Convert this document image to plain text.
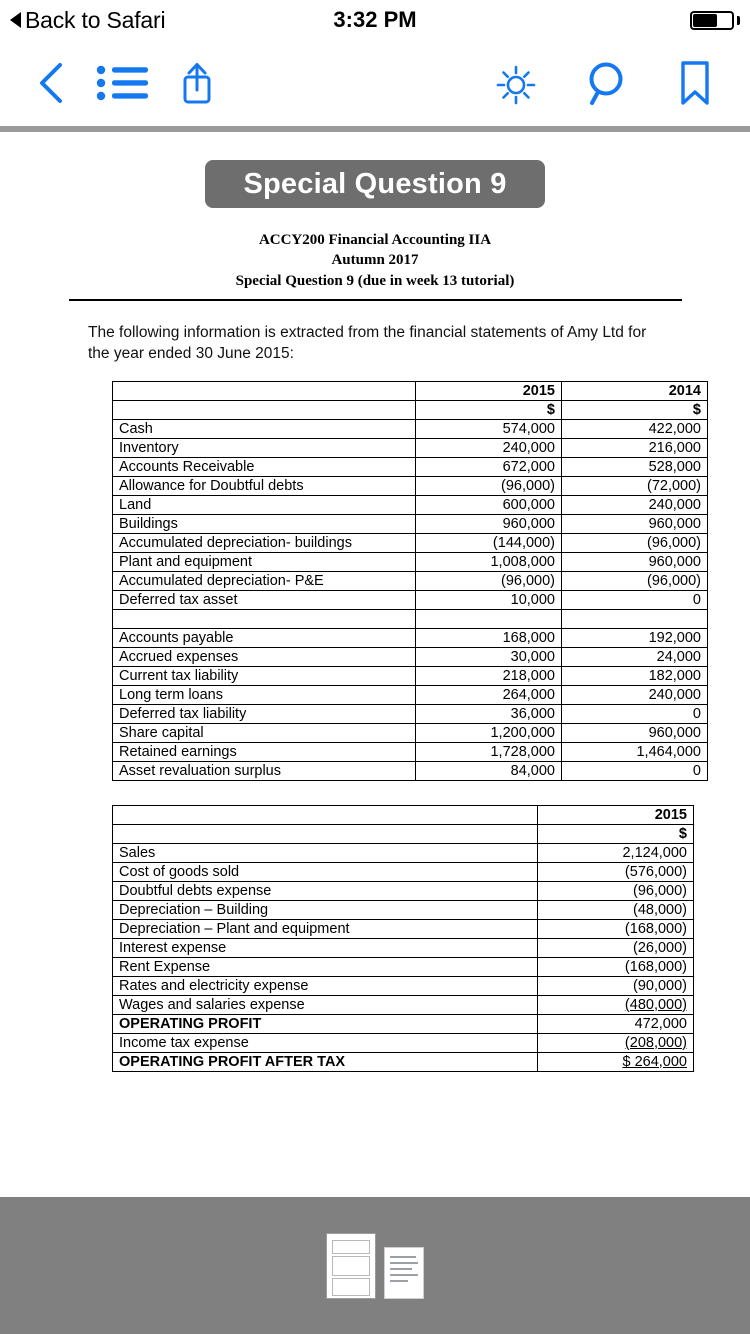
Back to Safari	3:32 PM
Special Question 9
ACCY200 Financial Accounting IIA
Autumn 2017
Special Question 9 (due in week 13 tutorial)
The following information is extracted from the financial statements of Amy Ltd for the year ended 30 June 2015:
	2015	2014
	$	$
Cash	574,000	422,000
Inventory	240,000	216,000
Accounts Receivable	672,000	528,000
Allowance for Doubtful debts	(96,000)	(72,000)
Land	600,000	240,000
Buildings	960,000	960,000
Accumulated depreciation- buildings	(144,000)	(96,000)
Plant and equipment	1,008,000	960,000
Accumulated depreciation- P&E	(96,000)	(96,000)
Deferred tax asset	10,000	0

Accounts payable	168,000	192,000
Accrued expenses	30,000	24,000
Current tax liability	218,000	182,000
Long term loans	264,000	240,000
Deferred tax liability	36,000	0
Share capital	1,200,000	960,000
Retained earnings	1,728,000	1,464,000
Asset revaluation surplus	84,000	0
	2015
	$
Sales	2,124,000
Cost of goods sold	(576,000)
Doubtful debts expense	(96,000)
Depreciation – Building	(48,000)
Depreciation – Plant and equipment	(168,000)
Interest expense	(26,000)
Rent Expense	(168,000)
Rates and electricity expense	(90,000)
Wages and salaries expense	(480,000)
OPERATING PROFIT	472,000
Income tax expense	(208,000)
OPERATING PROFIT AFTER TAX	$ 264,000
